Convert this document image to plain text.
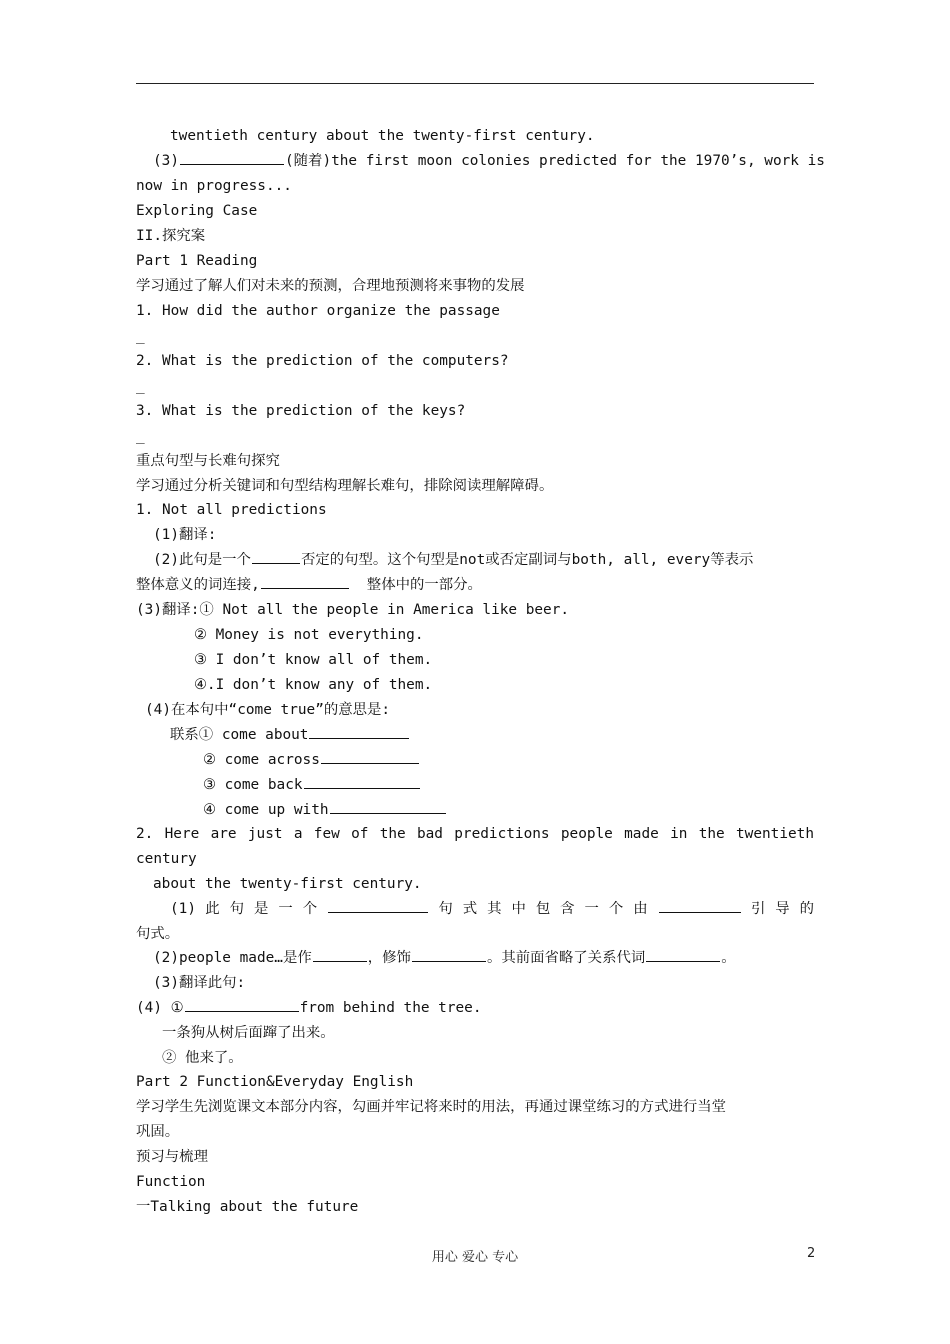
twentieth century about the twenty-first century.
(3)	(随着)the first moon colonies predicted for the 1970’s, work is
now in progress...
Exploring Case
II.探究案
Part 1 Reading
学习通过了解人们对未来的预测，合理地预测将来事物的发展
1. How did the author organize the passage
_
2. What is the prediction of the computers?
_
3. What is the prediction of the keys?
_
重点句型与长难句探究
学习通过分析关键词和句型结构理解长难句，排除阅读理解障碍。
1. Not all predictions
(1)翻译:
(2)此句是一个	否定的句型。这个句型是not或否定副词与both, all, every等表示
整体意义的词连接,	整体中的一部分。
(3)翻译:① Not all the people in America like beer.
② Money is not everything.
③ I don’t know all of them.
④.I don’t know any of them.
(4)在本句中“come true”的意思是:
联系① come about
② come across
③ come back
④ come up with
2. Here are just a few of the bad predictions people made in the twentieth
century
about the twenty-first century.
(1) 此 句 是 一 个	句 式 其 中 包 含 一 个 由	引 导 的
句式。
(2)people made…是作	，修饰	。其前面省略了关系代词	。
(3)翻译此句:
(4) ①	from behind the tree.
一条狗从树后面蹿了出来。
② 他来了。
Part 2 Function&Everyday English
学习学生先浏览课文本部分内容，勾画并牢记将来时的用法，再通过课堂练习的方式进行当堂
巩固。
预习与梳理
Function
一Talking about the future
用心 爱心 专心	2
